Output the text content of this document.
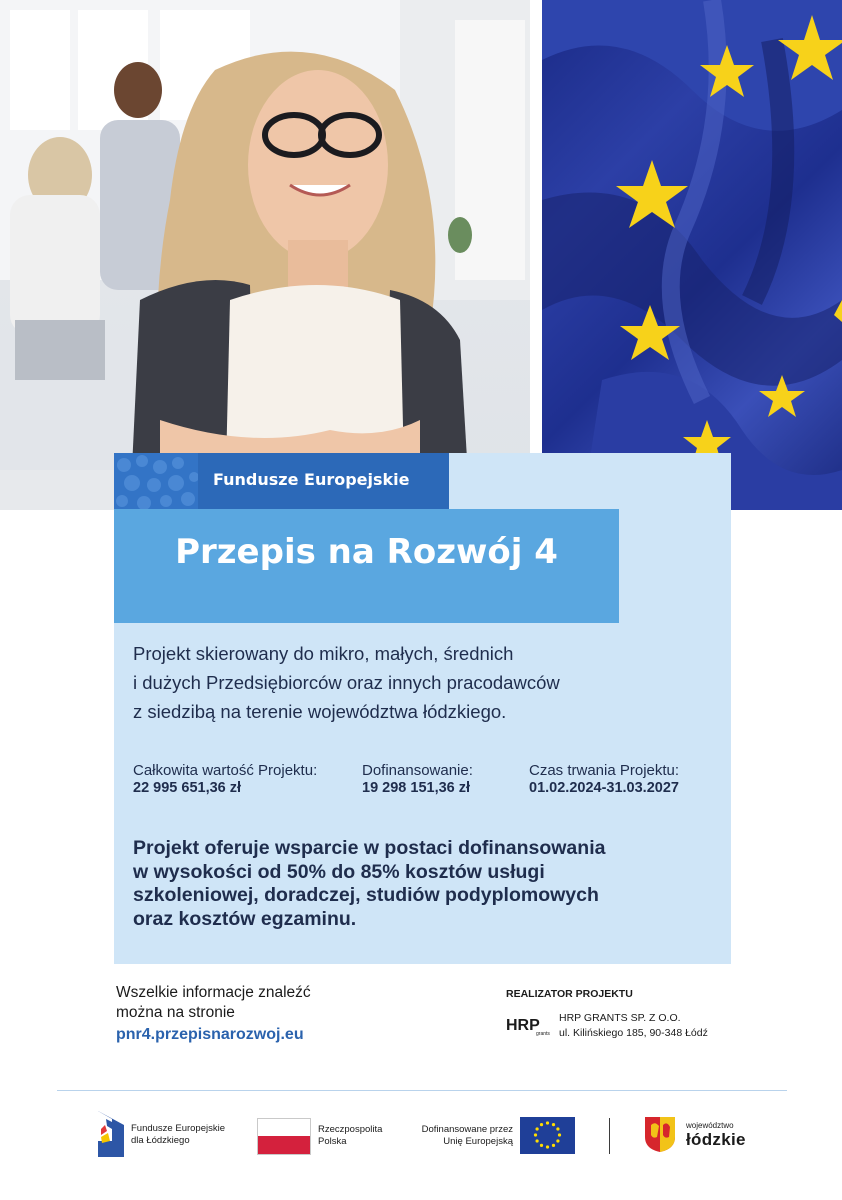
Fundusze Europejskie
Przepis na Rozwój 4
Projekt skierowany do mikro, małych, średnich
i dużych Przedsiębiorców oraz innych pracodawców
z siedzibą na terenie województwa łódzkiego.
Całkowita wartość Projektu:
22 995 651,36 zł
Dofinansowanie:
19 298 151,36 zł
Czas trwania Projektu:
01.02.2024-31.03.2027
Projekt oferuje wsparcie w postaci dofinansowania
w wysokości od 50% do 85% kosztów usługi
szkoleniowej, doradczej, studiów podyplomowych
oraz kosztów egzaminu.
Wszelkie informacje znaleźć
można na stronie
pnr4.przepisnarozwoj.eu
REALIZATOR PROJEKTU
HRP
grants
HRP GRANTS SP. Z O.O.
ul. Kilińskiego 185, 90-348 Łódź
Fundusze Europejskie
dla Łódzkiego
Rzeczpospolita
Polska
Dofinansowane przez
Unię Europejską
województwo
łódzkie
